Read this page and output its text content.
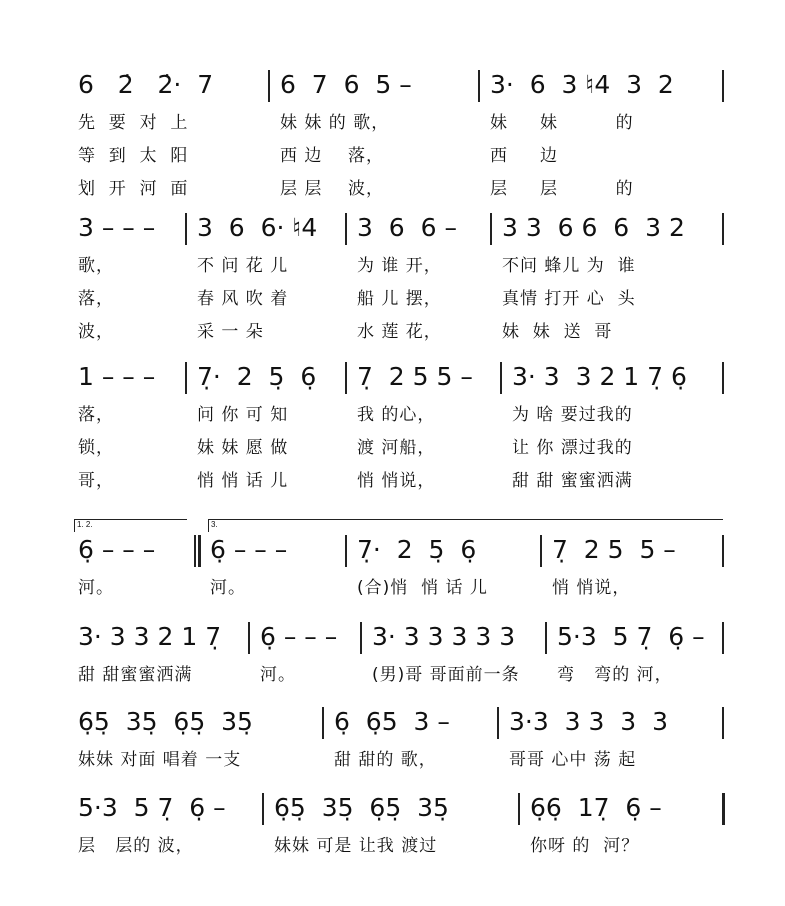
6   2̇   2̇·  7
先  要  对  上
等  到  太  阳
划  开  河  面
6  7  6  5 –
妹 妹 的 歌，
西 边    落，
层 层    波，
3·  6  3 ♮4  3  2
妹     妹         的
西     边
层     层         的
3 – – –
歌，
落，
波，
3  6  6· ♮4
不 问 花 儿
春 风 吹 着
采 一 朵
3  6  6 –
为 谁 开，
船 儿 摆，
水 莲 花，
3 3  6 6  6  3 2
不问 蜂儿 为  谁
真情 打开 心  头
妹  妹  送  哥
1 – – –
落，
锁，
哥，
7̣·  2  5̣  6̣
问 你 可 知
妹 妹 愿 做
悄 悄 话 儿
7̣  2 5 5 –
我 的心，
渡 河船，
悄 悄说，
3· 3  3 2 1 7̣ 6̣
为 啥 要过我的
让 你 漂过我的
甜 甜 蜜蜜洒满
6̣ – – –
河。
6̣ – – –
河。
7̣·  2  5̣  6̣
(合)悄  悄 话 儿
7̣  2 5  5 –
悄 悄说，
1. 2.	3.
3· 3 3 2 1 7̣
甜 甜蜜蜜洒满
6̣ – – –
河。
3· 3 3 3 3 3
(男)哥 哥面前一条
5·3  5 7̣  6̣ –
弯   弯的 河，
6̣5̣  35̣  6̣5̣  35̣
妹妹 对面 唱着 一支
6̣  6̣5  3 –
甜 甜的 歌，
3·3  3 3  3  3
哥哥 心中 荡 起
5·3  5 7̣  6̣ –
层   层的 波，
6̣5̣  35̣  6̣5̣  35̣
妹妹 可是 让我 渡过
6̣6̣  17̣  6̣ –
你呀 的  河？
